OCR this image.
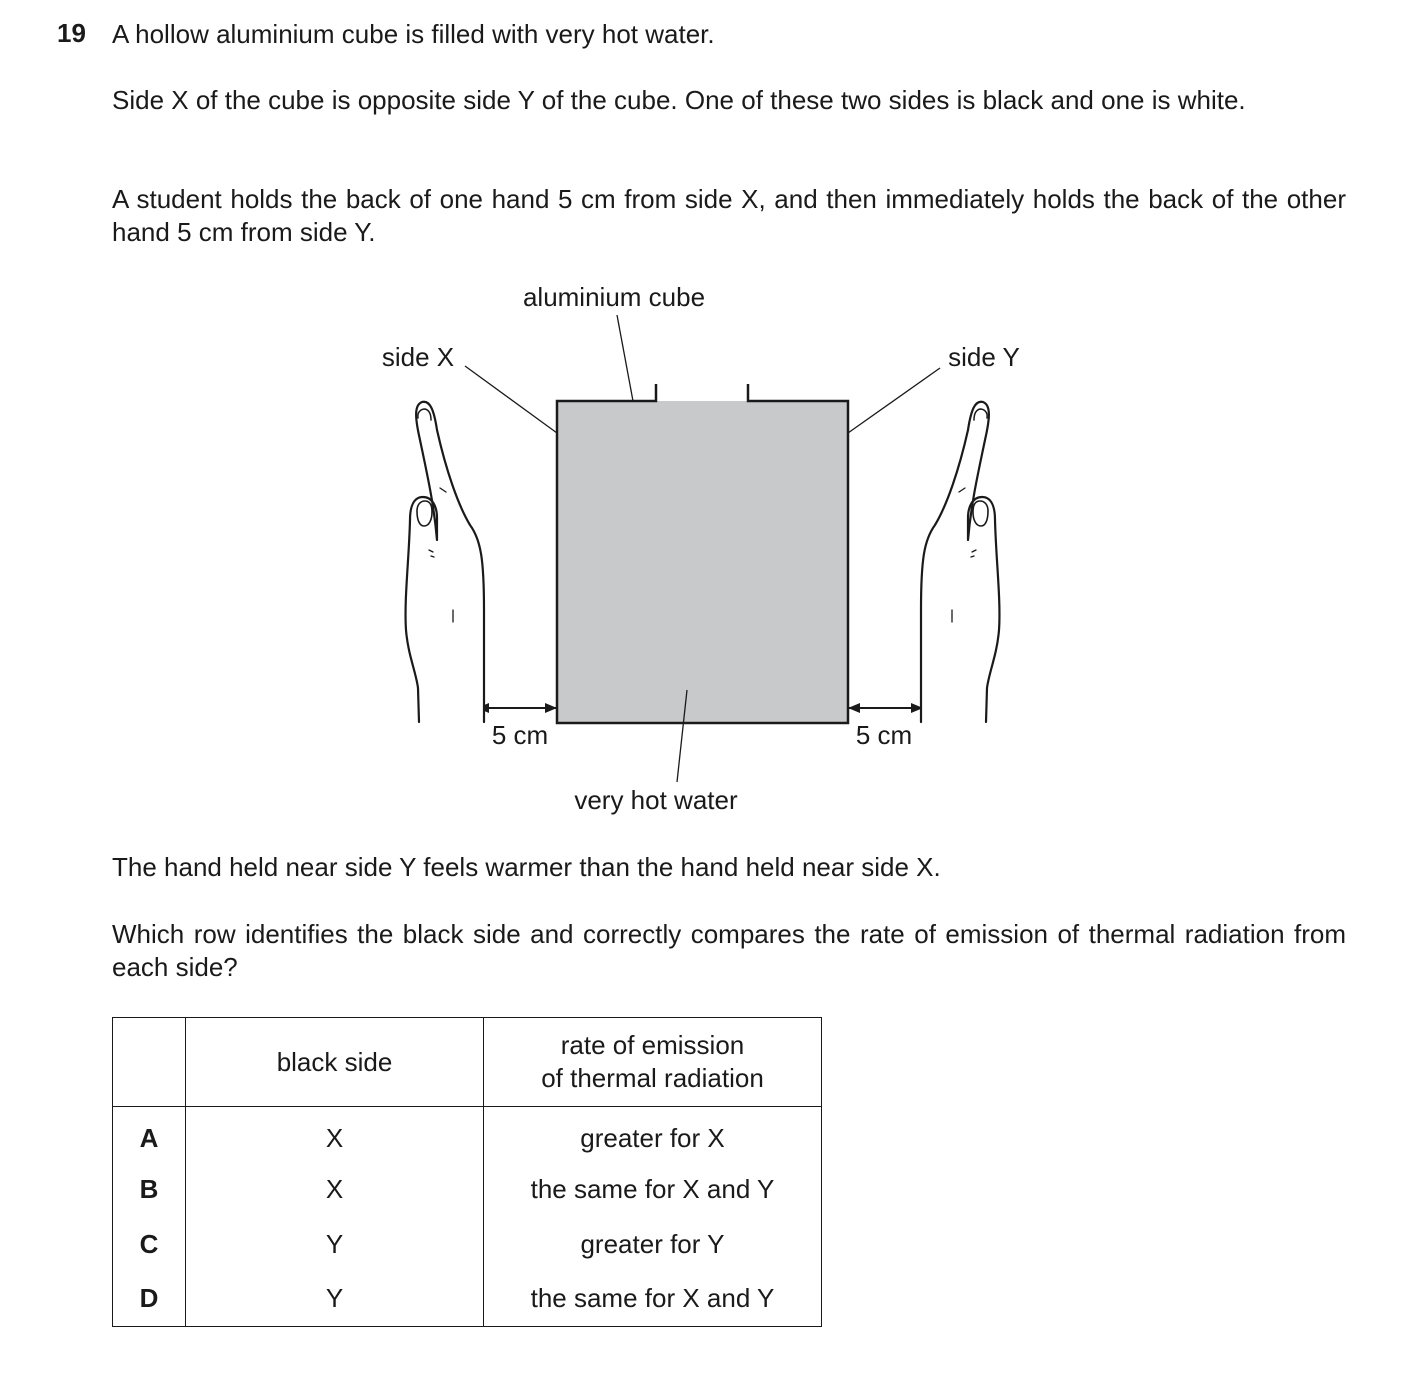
19 A hollow aluminium cube is filled with very hot water.

Side X of the cube is opposite side Y of the cube. One of these two sides is black and one is white.

A student holds the back of one hand 5 cm from side X, and then immediately holds the back of the other hand 5 cm from side Y.

aluminium cube
side X	side Y
5 cm	5 cm
very hot water

The hand held near side Y feels warmer than the hand held near side X.

Which row identifies the black side and correctly compares the rate of emission of thermal radiation from each side?

	black side	rate of emission
of thermal radiation

A	X	greater for X
B	X	the same for X and Y
C	Y	greater for Y
D	Y	the same for X and Y
